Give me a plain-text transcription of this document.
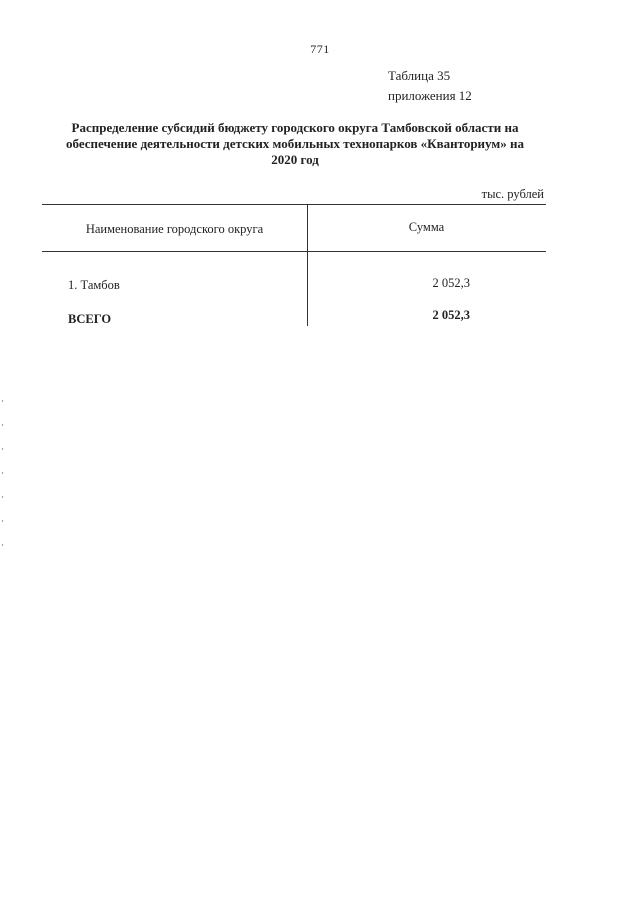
771
Таблица 35
приложения 12
Распределение субсидий бюджету городского округа Тамбовской области на обеспечение деятельности детских мобильных технопарков «Кванториум» на 2020 год
тыс. рублей
Наименование городского округа	Сумма
1. Тамбов	2 052,3
ВСЕГО	2 052,3
